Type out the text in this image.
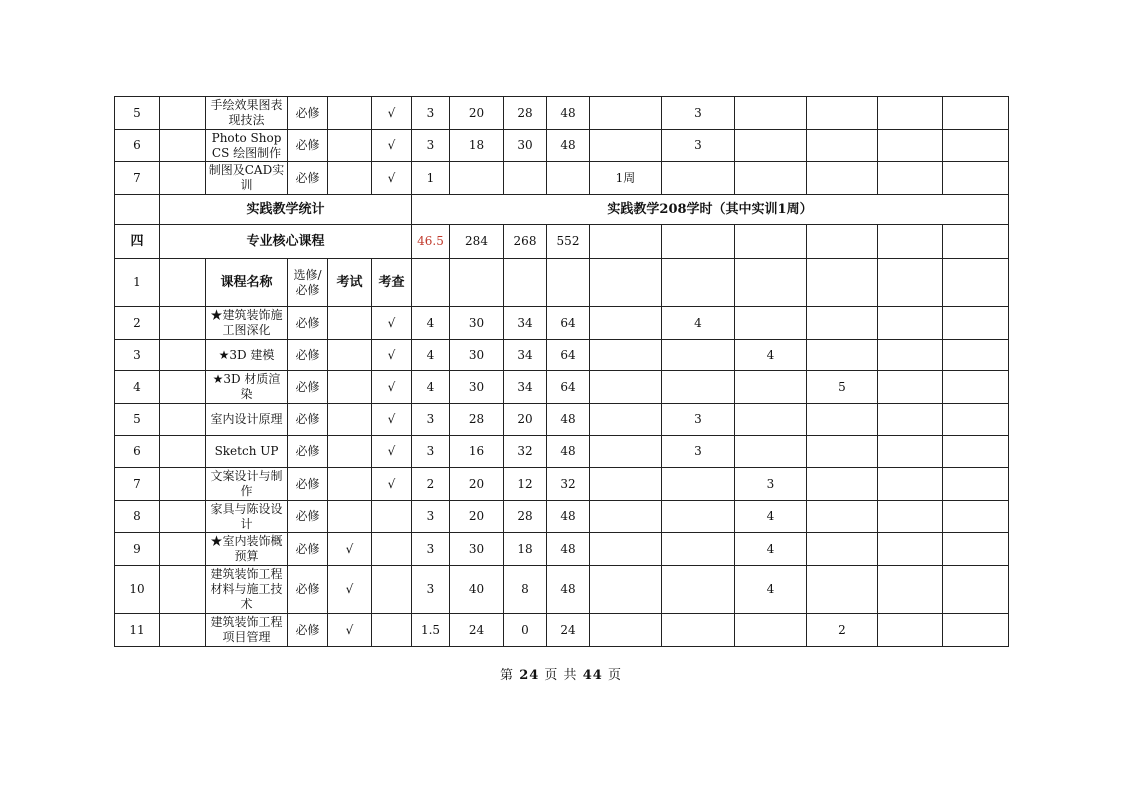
5		手绘效果图表现技法	必修		√	3	20	28	48		3				
6		Photo Shop CS 绘图制作	必修		√	3	18	30	48		3				
7		制图及CAD实训	必修		√	1				1周					
	实践教学统计					实践教学208学时（其中实训1周）									
四	专业核心课程					46.5	284	268	552						
1		课程名称	选修/必修	考试	考查										
2		★建筑装饰施工图深化	必修		√	4	30	34	64		4				
3		★3D 建模	必修		√	4	30	34	64			4			
4		★3D 材质渲染	必修		√	4	30	34	64				5		
5		室内设计原理	必修		√	3	28	20	48		3				
6		Sketch UP	必修		√	3	16	32	48		3				
7		文案设计与制作	必修		√	2	20	12	32			3			
8		家具与陈设设计	必修			3	20	28	48			4			
9		★室内装饰概预算	必修	√		3	30	18	48			4			
10		建筑装饰工程材料与施工技术	必修	√		3	40	8	48			4			
11		建筑装饰工程项目管理	必修	√		1.5	24	0	24				2		
第 24 页 共 44 页
